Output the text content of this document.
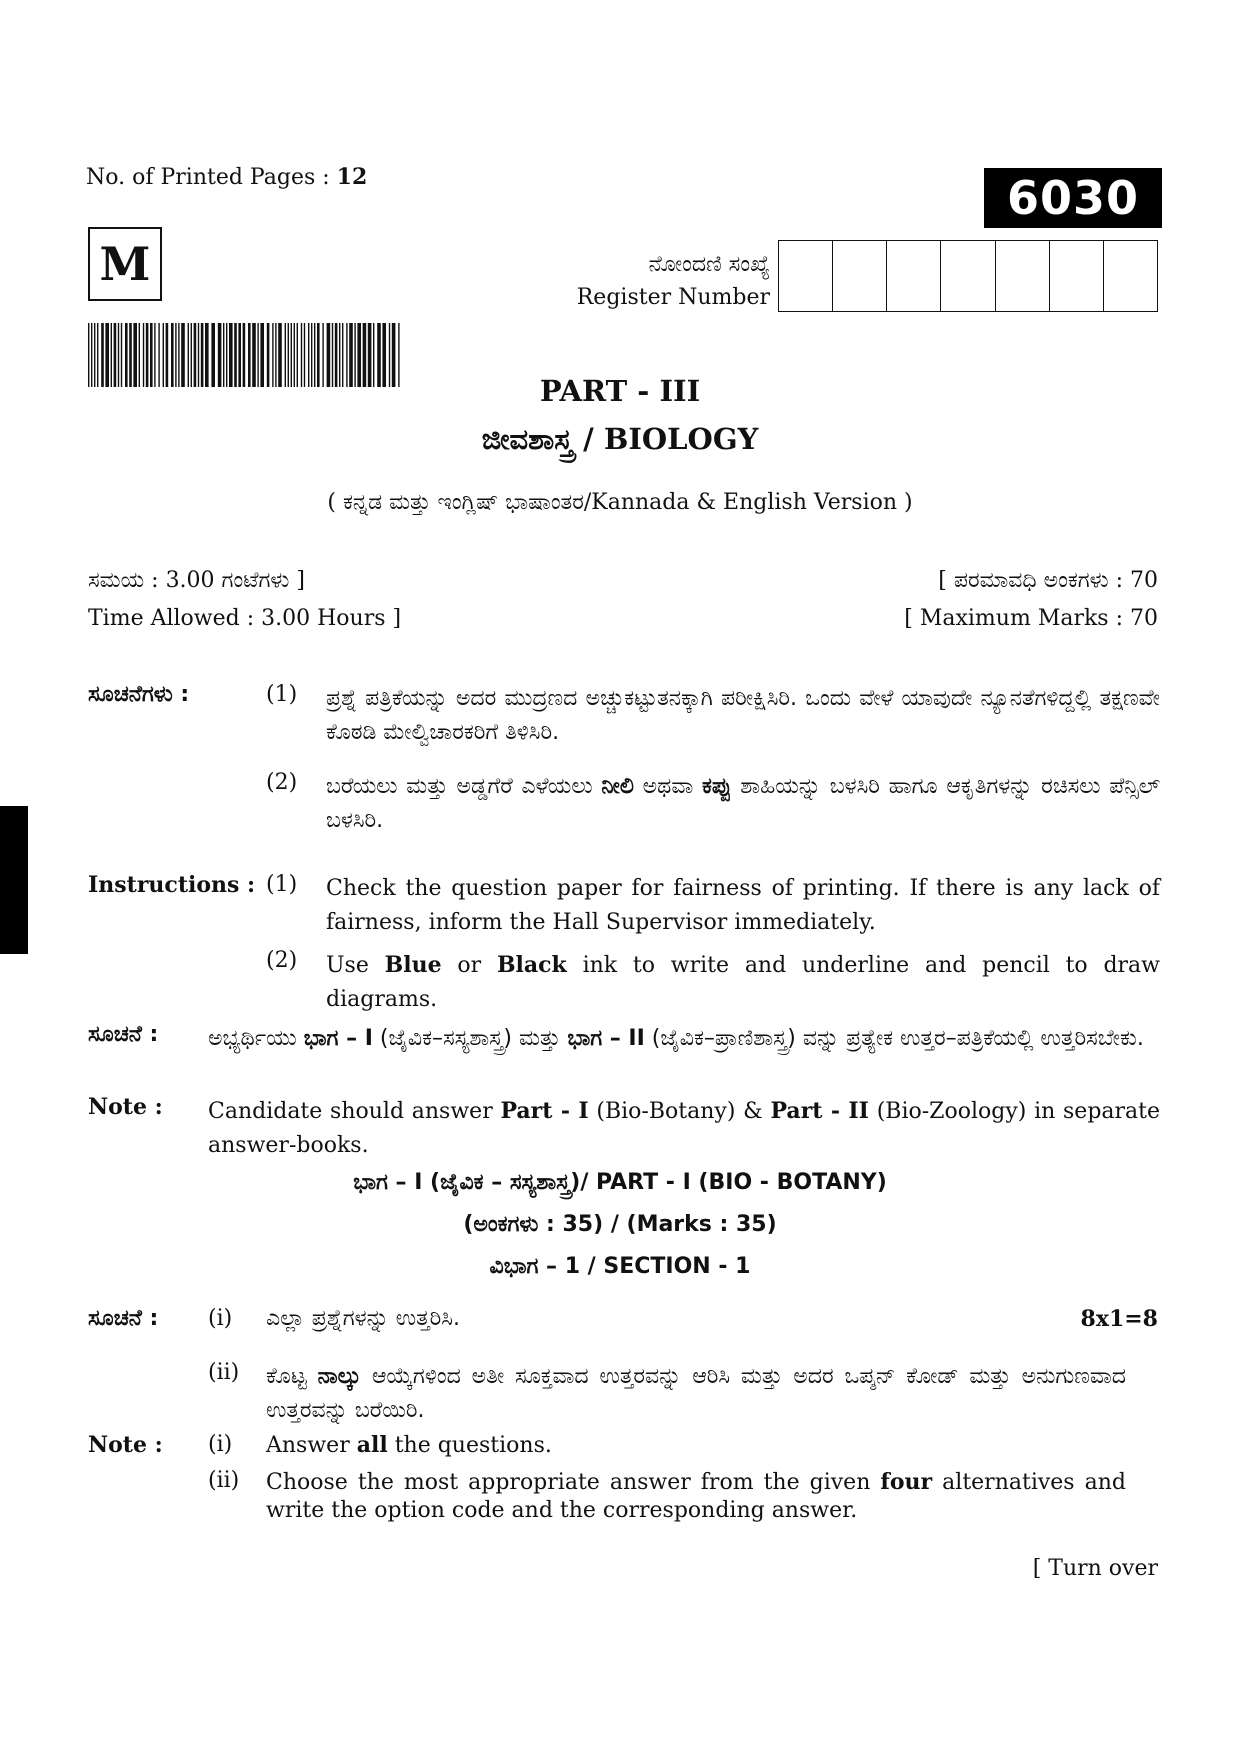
No. of Printed Pages : 12	6030
M	ನೋಂದಣಿ ಸಂಖ್ಯೆ
Register Number
PART - III
ಜೀವಶಾಸ್ತ್ರ / BIOLOGY
( ಕನ್ನಡ ಮತ್ತು ಇಂಗ್ಲಿಷ್ ಭಾಷಾಂತರ/Kannada & English Version )
ಸಮಯ : 3.00 ಗಂಟೆಗಳು ]
Time Allowed : 3.00 Hours ]
[ ಪರಮಾವಧಿ ಅಂಕಗಳು : 70
[ Maximum Marks : 70
ಸೂಚನೆಗಳು :	(1) ಪ್ರಶ್ನೆ ಪತ್ರಿಕೆಯನ್ನು ಅದರ ಮುದ್ರಣದ ಅಚ್ಚುಕಟ್ಟುತನಕ್ಕಾಗಿ ಪರೀಕ್ಷಿಸಿರಿ. ಒಂದು ವೇಳೆ ಯಾವುದೇ ನ್ಯೂನತೆಗಳಿದ್ದಲ್ಲಿ ತಕ್ಷಣವೇ ಕೊಠಡಿ ಮೇಲ್ವಿಚಾರಕರಿಗೆ ತಿಳಿಸಿರಿ.
(2) ಬರೆಯಲು ಮತ್ತು ಅಡ್ಡಗೆರೆ ಎಳೆಯಲು ನೀಲಿ ಅಥವಾ ಕಪ್ಪು ಶಾಹಿಯನ್ನು ಬಳಸಿರಿ ಹಾಗೂ ಆಕೃತಿಗಳನ್ನು ರಚಿಸಲು ಪೆನ್ಸಿಲ್ ಬಳಸಿರಿ.
Instructions : (1) Check the question paper for fairness of printing. If there is any lack of fairness, inform the Hall Supervisor immediately.
(2) Use Blue or Black ink to write and underline and pencil to draw diagrams.
ಸೂಚನೆ : ಅಭ್ಯರ್ಥಿಯು ಭಾಗ – I (ಜೈವಿಕ–ಸಸ್ಯಶಾಸ್ತ್ರ) ಮತ್ತು ಭಾಗ – II (ಜೈವಿಕ–ಪ್ರಾಣಿಶಾಸ್ತ್ರ) ವನ್ನು ಪ್ರತ್ಯೇಕ ಉತ್ತರ–ಪತ್ರಿಕೆಯಲ್ಲಿ ಉತ್ತರಿಸಬೇಕು.
Note : Candidate should answer Part - I (Bio-Botany) & Part - II (Bio-Zoology) in separate answer-books.
ಭಾಗ – I (ಜೈವಿಕ – ಸಸ್ಯಶಾಸ್ತ್ರ)/ PART - I (BIO - BOTANY)
(ಅಂಕಗಳು : 35) / (Marks : 35)
ವಿಭಾಗ – 1 / SECTION - 1
ಸೂಚನೆ : (i) ಎಲ್ಲಾ ಪ್ರಶ್ನೆಗಳನ್ನು ಉತ್ತರಿಸಿ.	8x1=8
(ii) ಕೊಟ್ಟ ನಾಲ್ಕು ಆಯ್ಕೆಗಳಿಂದ ಅತೀ ಸೂಕ್ತವಾದ ಉತ್ತರವನ್ನು ಆರಿಸಿ ಮತ್ತು ಅದರ ಒಪ್ಶನ್ ಕೋಡ್ ಮತ್ತು ಅನುಗುಣವಾದ ಉತ್ತರವನ್ನು ಬರೆಯಿರಿ.
Note : (i) Answer all the questions.
(ii) Choose the most appropriate answer from the given four alternatives and write the option code and the corresponding answer.
[ Turn over
